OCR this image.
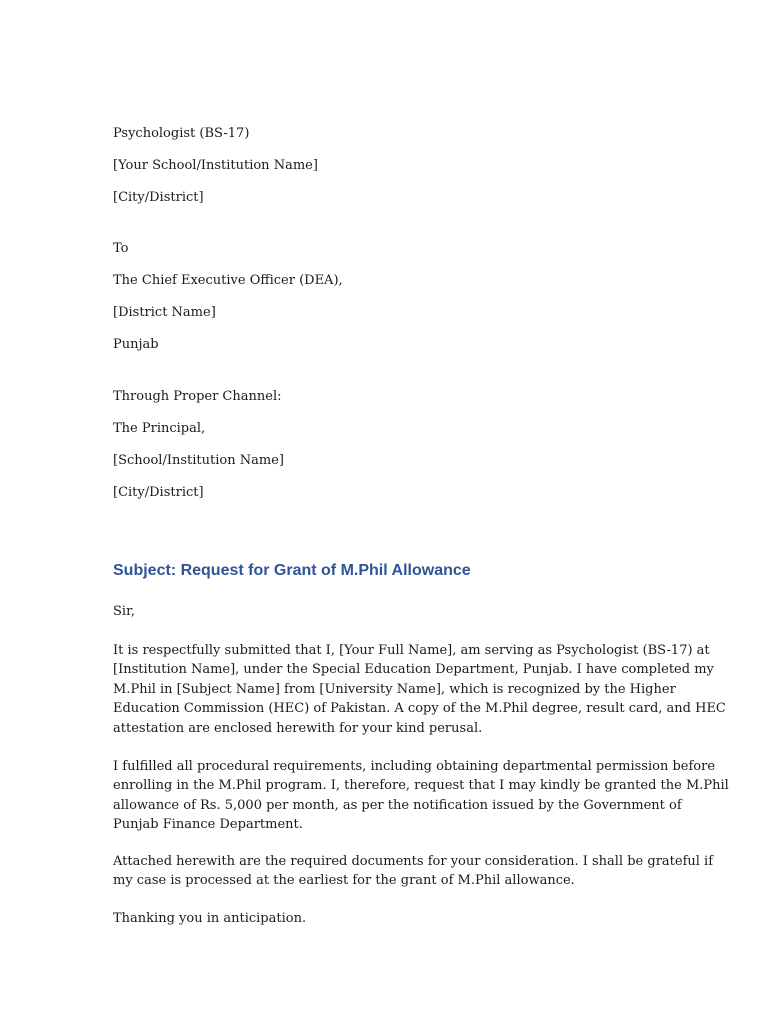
Psychologist (BS-17)
[Your School/Institution Name]
[City/District]
To
The Chief Executive Officer (DEA),
[District Name]
Punjab
Through Proper Channel:
The Principal,
[School/Institution Name]
[City/District]
Subject: Request for Grant of M.Phil Allowance
Sir,
It is respectfully submitted that I, [Your Full Name], am serving as Psychologist (BS-17) at
[Institution Name], under the Special Education Department, Punjab. I have completed my
M.Phil in [Subject Name] from [University Name], which is recognized by the Higher
Education Commission (HEC) of Pakistan. A copy of the M.Phil degree, result card, and HEC
attestation are enclosed herewith for your kind perusal.
I fulfilled all procedural requirements, including obtaining departmental permission before
enrolling in the M.Phil program. I, therefore, request that I may kindly be granted the M.Phil
allowance of Rs. 5,000 per month, as per the notification issued by the Government of
Punjab Finance Department.
Attached herewith are the required documents for your consideration. I shall be grateful if
my case is processed at the earliest for the grant of M.Phil allowance.
Thanking you in anticipation.
